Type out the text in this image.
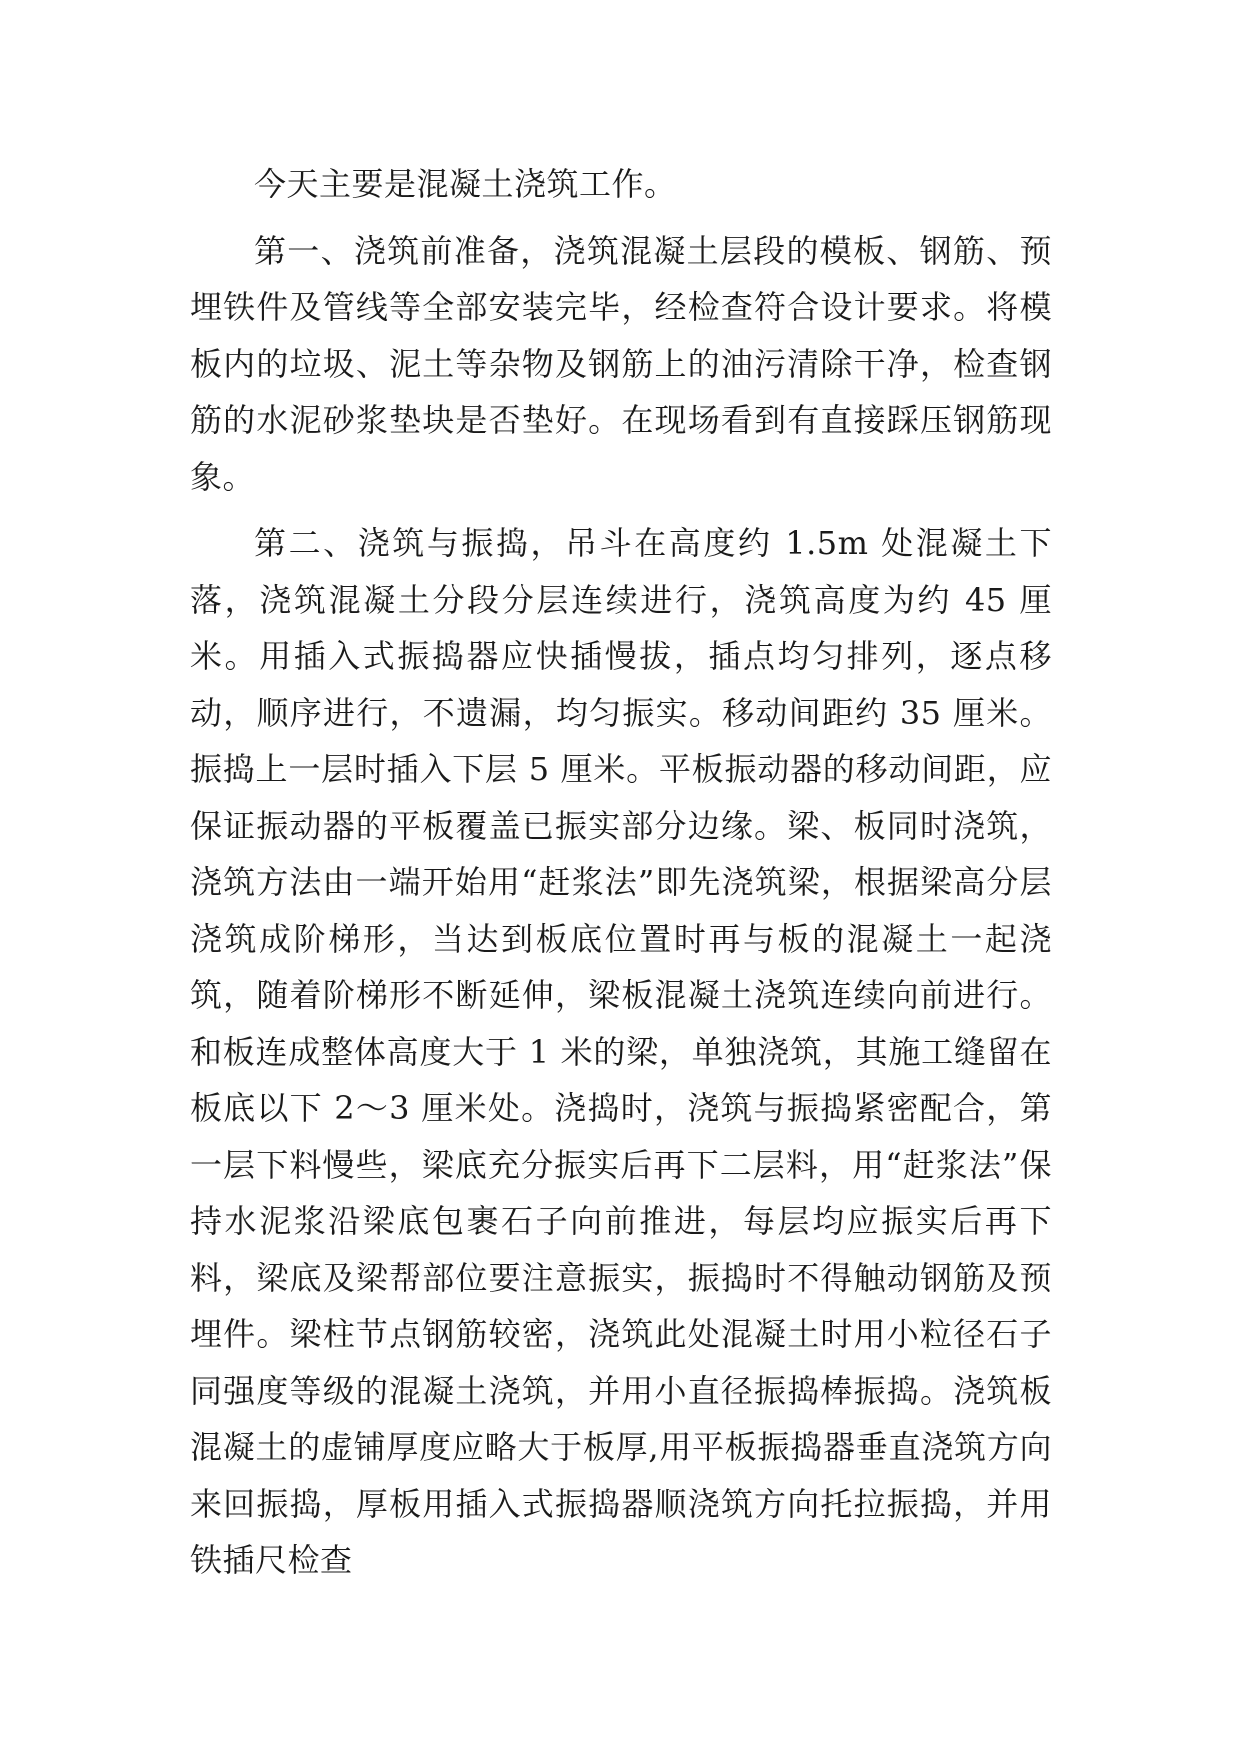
今天主要是混凝土浇筑工作。

第一、浇筑前准备，浇筑混凝土层段的模板、钢筋、预埋铁件及管线等全部安装完毕，经检查符合设计要求。将模板内的垃圾、泥土等杂物及钢筋上的油污清除干净，检查钢筋的水泥砂浆垫块是否垫好。在现场看到有直接踩压钢筋现象。

第二、浇筑与振捣，吊斗在高度约 1.5m 处混凝土下落，浇筑混凝土分段分层连续进行，浇筑高度为约 45 厘米。用插入式振捣器应快插慢拔，插点均匀排列，逐点移动，顺序进行，不遗漏，均匀振实。移动间距约 35 厘米。振捣上一层时插入下层 5 厘米。平板振动器的移动间距，应保证振动器的平板覆盖已振实部分边缘。梁、板同时浇筑，浇筑方法由一端开始用“赶浆法”即先浇筑梁，根据梁高分层浇筑成阶梯形，当达到板底位置时再与板的混凝土一起浇筑，随着阶梯形不断延伸，梁板混凝土浇筑连续向前进行。和板连成整体高度大于 1 米的梁，单独浇筑，其施工缝留在板底以下 2～3 厘米处。浇捣时，浇筑与振捣紧密配合，第一层下料慢些，梁底充分振实后再下二层料，用“赶浆法”保持水泥浆沿梁底包裹石子向前推进，每层均应振实后再下料，梁底及梁帮部位要注意振实，振捣时不得触动钢筋及预埋件。梁柱节点钢筋较密，浇筑此处混凝土时用小粒径石子同强度等级的混凝土浇筑，并用小直径振捣棒振捣。浇筑板混凝土的虚铺厚度应略大于板厚,用平板振捣器垂直浇筑方向来回振捣，厚板用插入式振捣器顺浇筑方向托拉振捣，并用铁插尺检查
